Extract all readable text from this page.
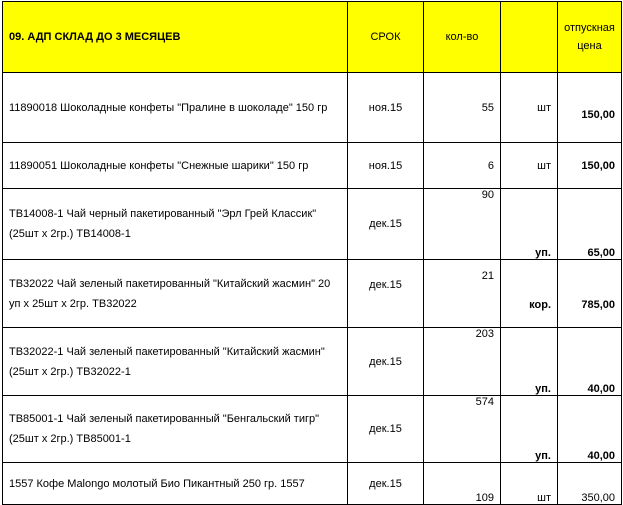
09. АДП СКЛАД ДО 3 МЕСЯЦЕВ	СРОК	кол-во		отпускная
цена

11890018 Шоколадные конфеты "Пралине в шоколаде" 150 гр	ноя.15	55	шт	150,00
11890051 Шоколадные конфеты "Снежные шарики" 150 гр	ноя.15	6	шт	150,00
ТВ14008-1 Чай черный пакетированный "Эрл Грей Классик" (25шт х 2гр.) ТВ14008-1	дек.15	90	уп.	65,00
ТВ32022 Чай зеленый пакетированный "Китайский жасмин" 20 уп х 25шт х 2гр. ТВ32022	дек.15	21	кор.	785,00
ТВ32022-1 Чай зеленый пакетированный "Китайский жасмин" (25шт х 2гр.) ТВ32022-1	дек.15	203	уп.	40,00
ТВ85001-1 Чай зеленый пакетированный "Бенгальский тигр" (25шт х 2гр.) ТВ85001-1	дек.15	574	уп.	40,00
1557 Кофе Malongo молотый Био Пикантный 250 гр. 1557	дек.15	109	шт	350,00
